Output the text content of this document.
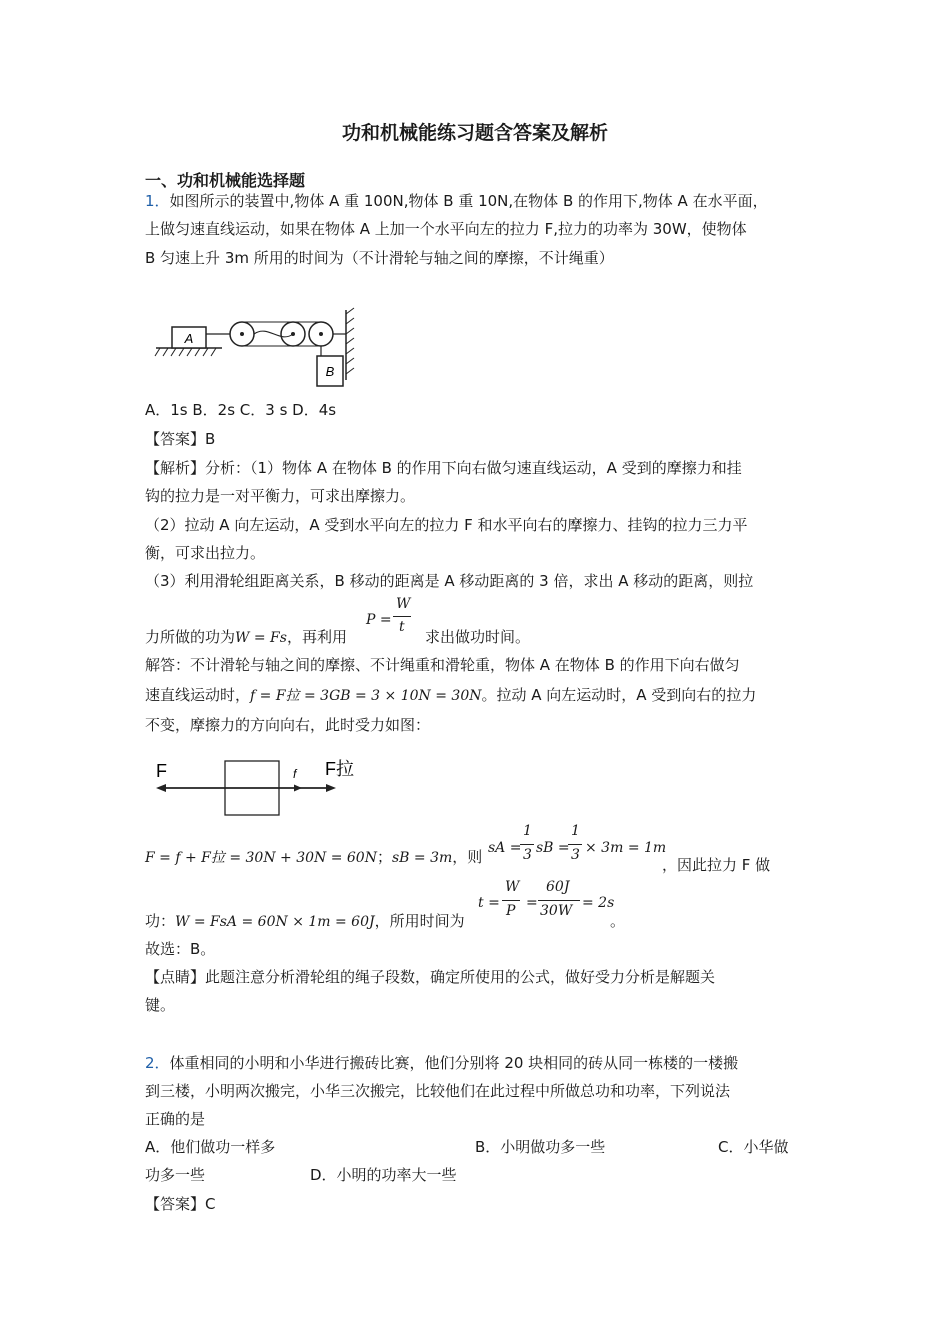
功和机械能练习题含答案及解析
一、功和机械能选择题
1．如图所示的装置中,物体 A 重 100N,物体 B 重 10N,在物体 B 的作用下,物体 A 在水平面，
上做匀速直线运动，如果在物体 A 上加一个水平向左的拉力 F,拉力的功率为 30W，使物体
B 匀速上升 3m 所用的时间为（不计滑轮与轴之间的摩擦，不计绳重）
A
B
A．1s B．2s C．3 s D．4s
【答案】B
【解析】分析：（1）物体 A 在物体 B 的作用下向右做匀速直线运动，A 受到的摩擦力和挂
钩的拉力是一对平衡力，可求出摩擦力。
（2）拉动 A 向左运动，A 受到水平向左的拉力 F 和水平向右的摩擦力、挂钩的拉力三力平
衡，可求出拉力。
（3）利用滑轮组距离关系，B 移动的距离是 A 移动距离的 3 倍，求出 A 移动的距离，则拉
力所做的功为W = Fs，再利用	求出做功时间。
P =
W
t
解答：不计滑轮与轴之间的摩擦、不计绳重和滑轮重，物体 A 在物体 B 的作用下向右做匀
速直线运动时，f = F拉 = 3GB = 3 × 10N = 30N。拉动 A 向左运动时，A 受到向右的拉力
不变，摩擦力的方向向右，此时受力如图：
F	f F拉
F = f + F拉 = 30N + 30N = 60N；sB = 3m，则 sA =
1
3 sB =
1
3 × 3m = 1m
，因此拉力 F 做
功：W = FsA = 60N × 1m = 60J，所用时间为
t =
W
P =
60J
30W = 2s
。
故选：B。
【点睛】此题注意分析滑轮组的绳子段数，确定所使用的公式，做好受力分析是解题关
键。
2．体重相同的小明和小华进行搬砖比赛，他们分别将 20 块相同的砖从同一栋楼的一楼搬
到三楼，小明两次搬完，小华三次搬完，比较他们在此过程中所做总功和功率，下列说法
正确的是
A．他们做功一样多	B．小明做功多一些	C．小华做
功多一些	D．小明的功率大一些
【答案】C
